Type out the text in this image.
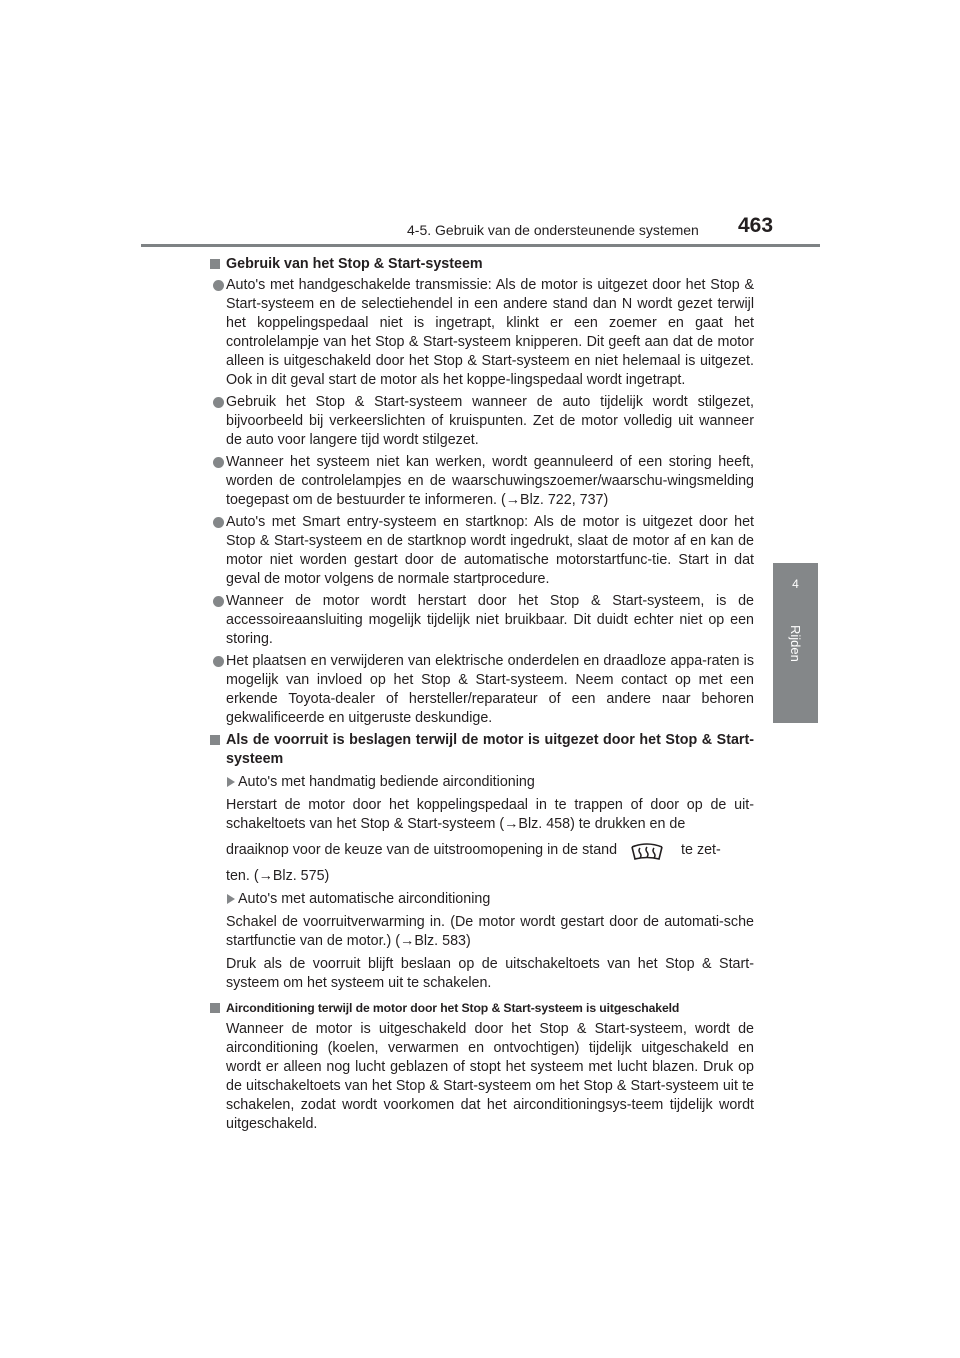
4-5. Gebruik van de ondersteunende systemen 463
4
Rijden
Gebruik van het Stop & Start-systeem
Auto's met handgeschakelde transmissie: Als de motor is uitgezet door het Stop & Start-systeem en de selectiehendel in een andere stand dan N wordt gezet terwijl het koppelingspedaal niet is ingetrapt, klinkt er een zoemer en gaat het controlelampje van het Stop & Start-systeem knipperen. Dit geeft aan dat de motor alleen is uitgeschakeld door het Stop & Start-systeem en niet helemaal is uitgezet. Ook in dit geval start de motor als het koppe-lingspedaal wordt ingetrapt.
Gebruik het Stop & Start-systeem wanneer de auto tijdelijk wordt stilgezet, bijvoorbeeld bij verkeerslichten of kruispunten. Zet de motor volledig uit wanneer de auto voor langere tijd wordt stilgezet.
Wanneer het systeem niet kan werken, wordt geannuleerd of een storing heeft, worden de controlelampjes en de waarschuwingszoemer/waarschu-wingsmelding toegepast om de bestuurder te informeren. (→Blz. 722, 737)
Auto's met Smart entry-systeem en startknop: Als de motor is uitgezet door het Stop & Start-systeem en de startknop wordt ingedrukt, slaat de motor af en kan de motor niet worden gestart door de automatische motorstartfunc-tie. Start in dat geval de motor volgens de normale startprocedure.
Wanneer de motor wordt herstart door het Stop & Start-systeem, is de accessoireaansluiting mogelijk tijdelijk niet bruikbaar. Dit duidt echter niet op een storing.
Het plaatsen en verwijderen van elektrische onderdelen en draadloze appa-raten is mogelijk van invloed op het Stop & Start-systeem. Neem contact op met een erkende Toyota-dealer of hersteller/reparateur of een andere naar behoren gekwalificeerde en uitgeruste deskundige.
Als de voorruit is beslagen terwijl de motor is uitgezet door het Stop & Start-systeem
Auto's met handmatig bediende airconditioning
Herstart de motor door het koppelingspedaal in te trappen of door op de uit-schakeltoets van het Stop & Start-systeem (→Blz. 458) te drukken en de
draaiknop voor de keuze van de uitstroomopening in de stand	te zet-
ten. (→Blz. 575)
Auto's met automatische airconditioning
Schakel de voorruitverwarming in. (De motor wordt gestart door de automati-sche startfunctie van de motor.) (→Blz. 583)
Druk als de voorruit blijft beslaan op de uitschakeltoets van het Stop & Start-systeem om het systeem uit te schakelen.
Airconditioning terwijl de motor door het Stop & Start-systeem is uitgeschakeld
Wanneer de motor is uitgeschakeld door het Stop & Start-systeem, wordt de airconditioning (koelen, verwarmen en ontvochtigen) tijdelijk uitgeschakeld en wordt er alleen nog lucht geblazen of stopt het systeem met lucht blazen. Druk op de uitschakeltoets van het Stop & Start-systeem om het Stop & Start-systeem uit te schakelen, zodat wordt voorkomen dat het airconditioningsys-teem tijdelijk wordt uitgeschakeld.
